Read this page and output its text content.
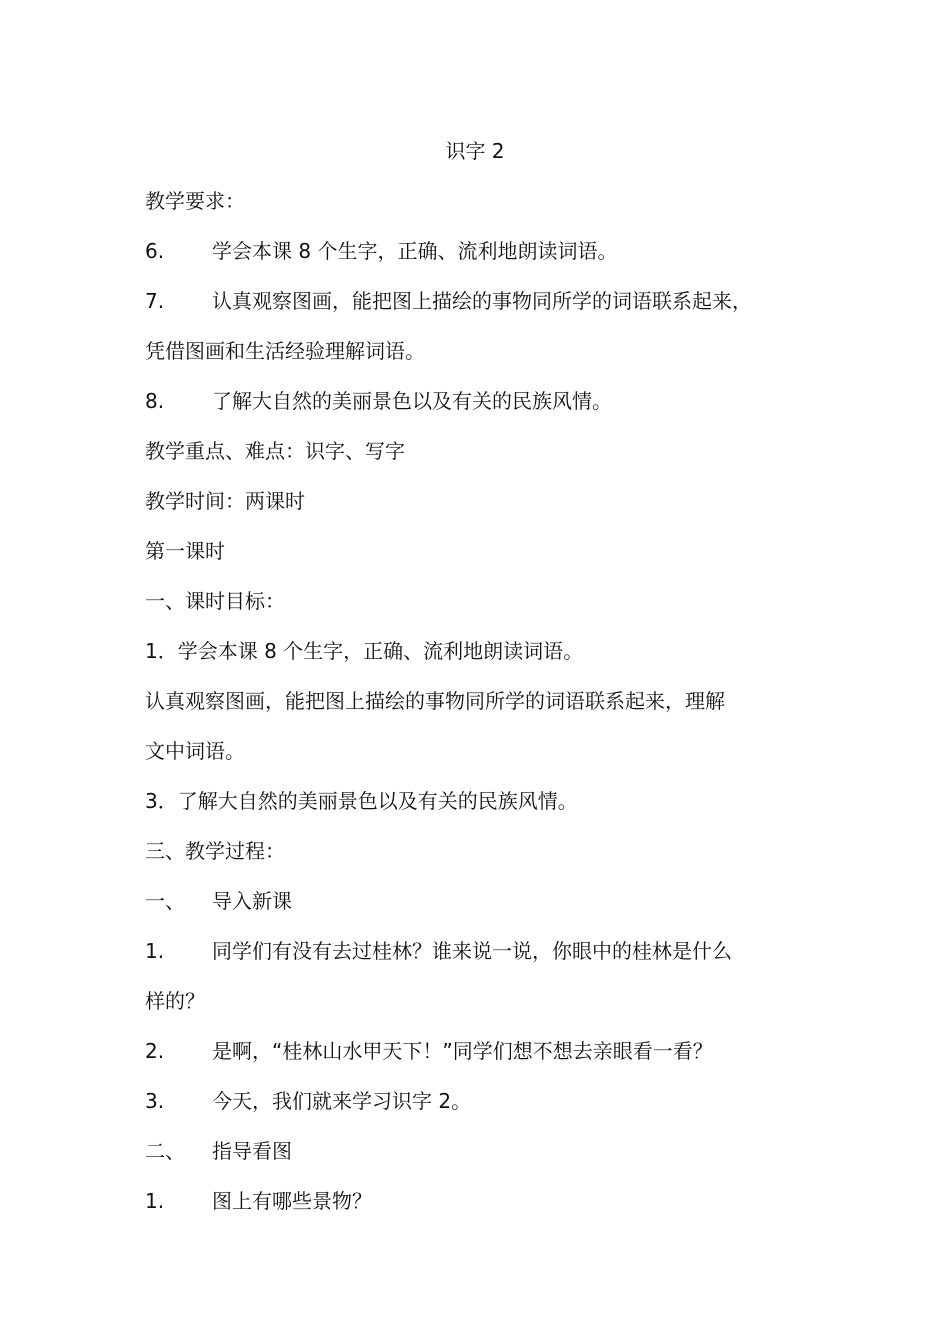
识字 2
教学要求：
6. 学会本课 8 个生字，正确、流利地朗读词语。
7. 认真观察图画，能把图上描绘的事物同所学的词语联系起来，
凭借图画和生活经验理解词语。
8. 了解大自然的美丽景色以及有关的民族风情。
教学重点、难点：识字、写字
教学时间：两课时
第一课时
一、课时目标：
1．学会本课 8 个生字，正确、流利地朗读词语。
认真观察图画，能把图上描绘的事物同所学的词语联系起来，理解
文中词语。
3．了解大自然的美丽景色以及有关的民族风情。
三、教学过程：
一、 导入新课
1. 同学们有没有去过桂林？谁来说一说，你眼中的桂林是什么
样的？
2. 是啊，“桂林山水甲天下！”同学们想不想去亲眼看一看？
3. 今天，我们就来学习识字 2。
二、 指导看图
1. 图上有哪些景物？
